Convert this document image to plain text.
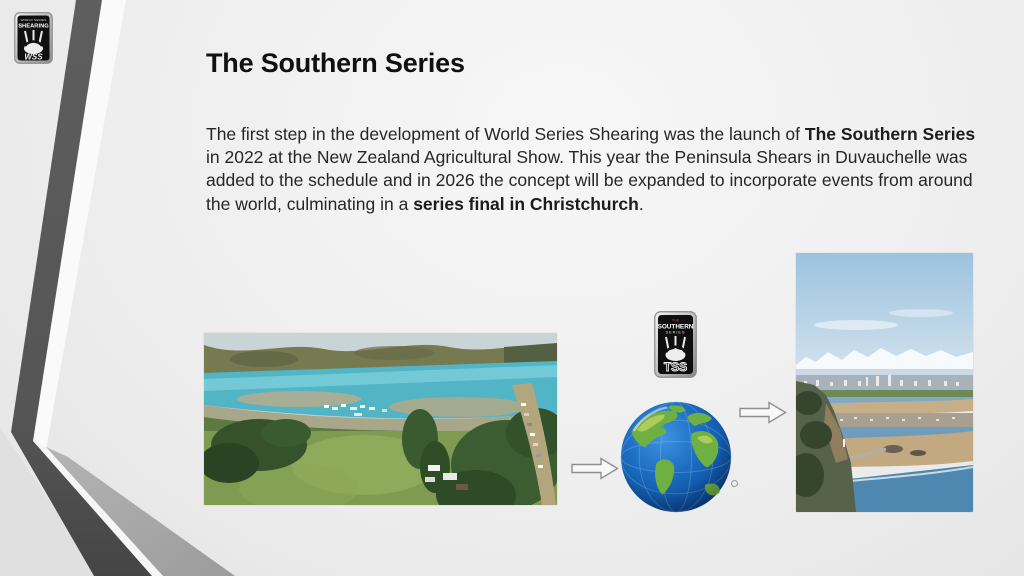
WORLD SERIES
SHEARING
WSS	The Southern Series

The first step in the development of World Series Shearing was the launch of The Southern Series in 2022 at the New Zealand Agricultural Show. This year the Peninsula Shears in Duvauchelle was added to the schedule and in 2026 the concept will be expanded to incorporate events from around the world, culminating in a series final in Christchurch.

THE
SOUTHERN
SERIES
TSS
